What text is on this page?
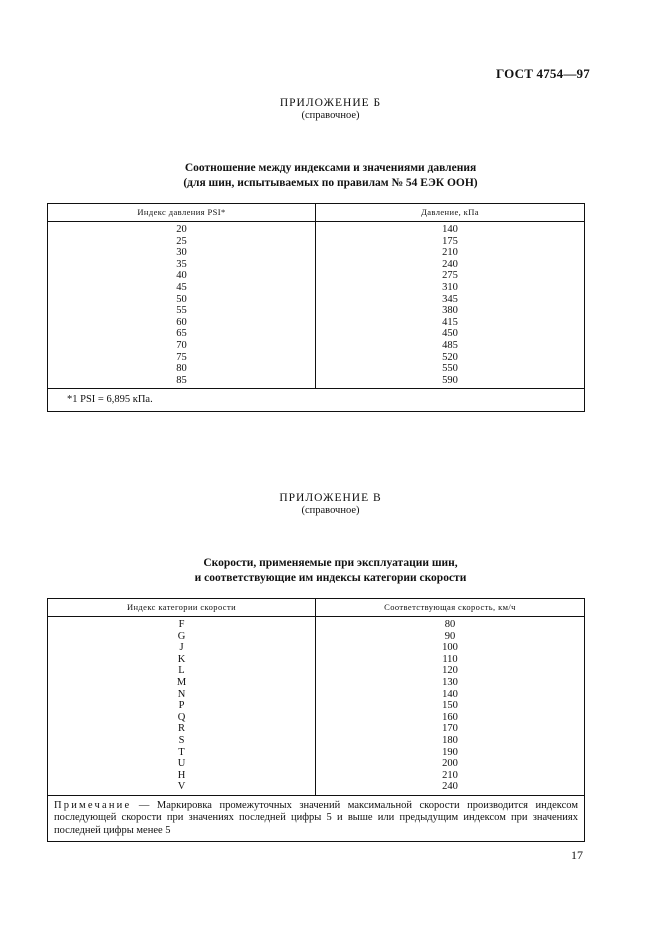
ГОСТ 4754—97
ПРИЛОЖЕНИЕ Б
(справочное)
Соотношение между индексами и значениями давления
(для шин, испытываемых по правилам № 54 ЕЭК ООН)
Индекс давления PSI*	Давление, кПа
20
25
30
35
40
45
50
55
60
65
70
75
80
85
140
175
210
240
275
310
345
380
415
450
485
520
550
590
*1 PSI = 6,895 кПа.
ПРИЛОЖЕНИЕ В
(справочное)
Скорости, применяемые при эксплуатации шин,
и соответствующие им индексы категории скорости
Индекс категории скорости	Соответствующая скорость, км/ч
F
G
J
K
L
M
N
P
Q
R
S
T
U
H
V
80
90
100
110
120
130
140
150
160
170
180
190
200
210
240
Примечание — Маркировка промежуточных значений максимальной скорости производится индексом последующей скорости при значениях последней цифры 5 и выше или предыдущим индексом при значениях последней цифры менее 5
17
